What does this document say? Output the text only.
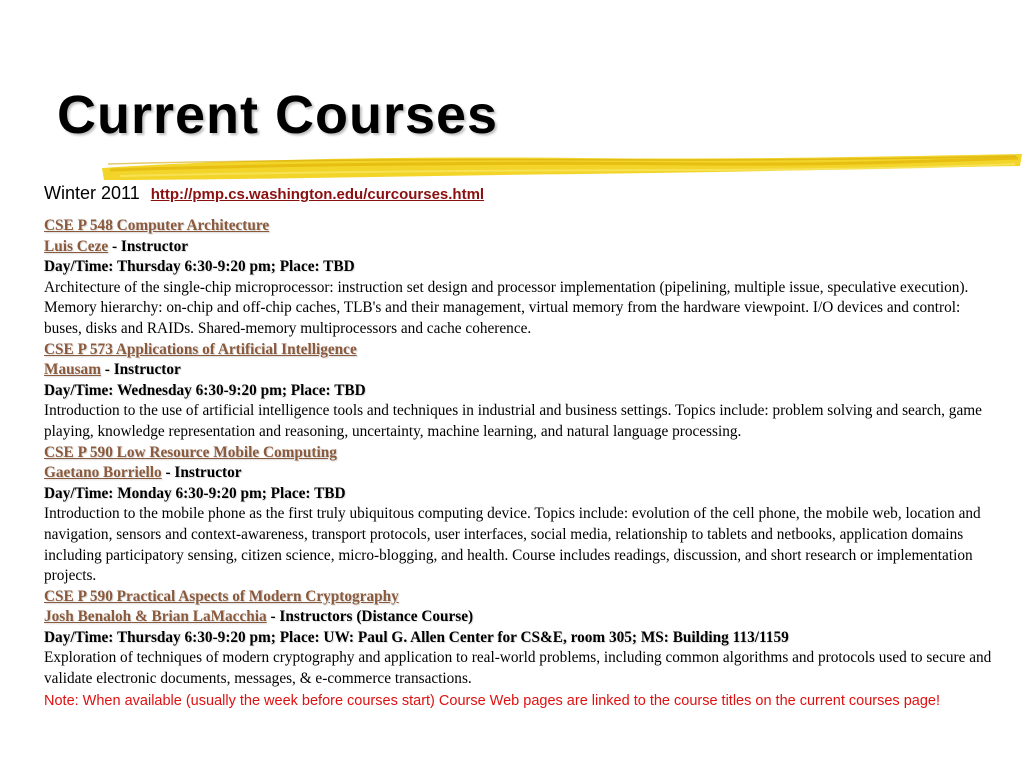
Current Courses
Winter 2011 http://pmp.cs.washington.edu/curcourses.html
CSE P 548 Computer Architecture
Luis Ceze - Instructor
Day/Time: Thursday 6:30-9:20 pm; Place: TBD
Architecture of the single-chip microprocessor: instruction set design and processor implementation (pipelining, multiple issue, speculative execution). Memory hierarchy: on-chip and off-chip caches, TLB's and their management, virtual memory from the hardware viewpoint. I/O devices and control: buses, disks and RAIDs. Shared-memory multiprocessors and cache coherence.
CSE P 573 Applications of Artificial Intelligence
Mausam - Instructor
Day/Time: Wednesday 6:30-9:20 pm; Place: TBD
Introduction to the use of artificial intelligence tools and techniques in industrial and business settings. Topics include: problem solving and search, game playing, knowledge representation and reasoning, uncertainty, machine learning, and natural language processing.
CSE P 590 Low Resource Mobile Computing
Gaetano Borriello - Instructor
Day/Time: Monday 6:30-9:20 pm; Place: TBD
Introduction to the mobile phone as the first truly ubiquitous computing device. Topics include: evolution of the cell phone, the mobile web, location and navigation, sensors and context-awareness, transport protocols, user interfaces, social media, relationship to tablets and netbooks, application domains including participatory sensing, citizen science, micro-blogging, and health. Course includes readings, discussion, and short research or implementation projects.
CSE P 590 Practical Aspects of Modern Cryptography
Josh Benaloh & Brian LaMacchia - Instructors (Distance Course)
Day/Time: Thursday 6:30-9:20 pm; Place: UW: Paul G. Allen Center for CS&E, room 305; MS: Building 113/1159
Exploration of techniques of modern cryptography and application to real-world problems, including common algorithms and protocols used to secure and validate electronic documents, messages, & e-commerce transactions.
Note: When available (usually the week before courses start) Course Web pages are linked to the course titles on the current courses page!
